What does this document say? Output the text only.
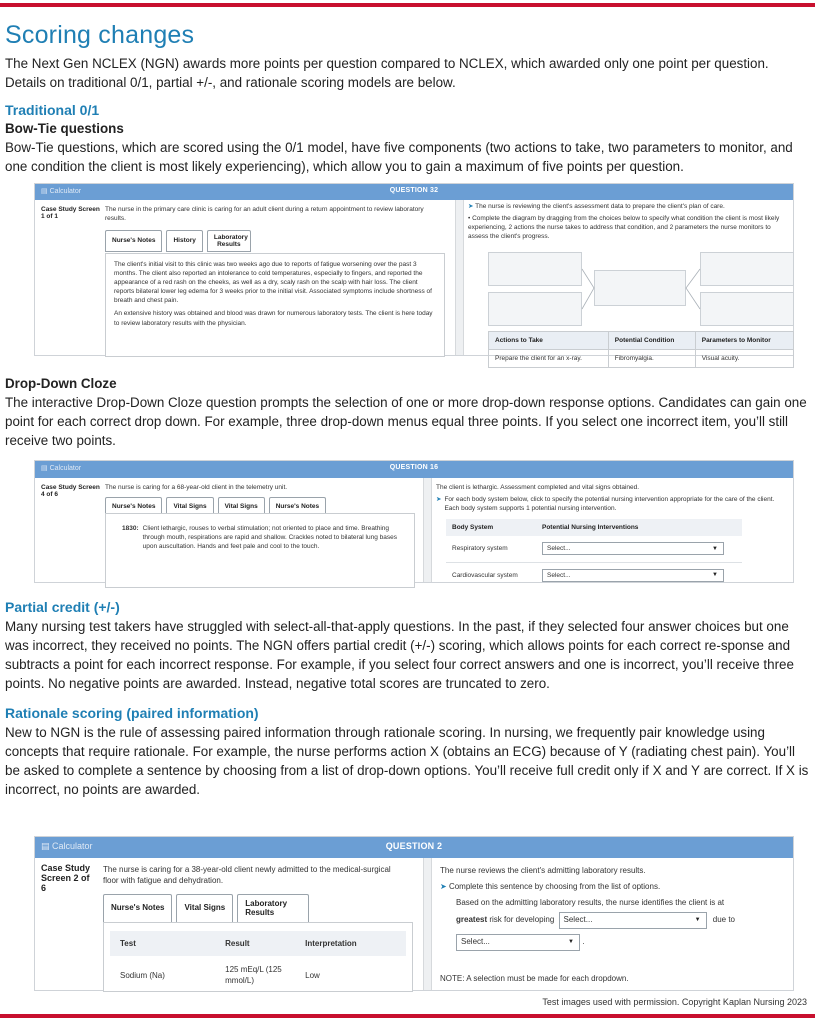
Scoring changes

The Next Gen NCLEX (NGN) awards more points per question compared to NCLEX, which awarded only one point per question. Details on traditional 0/1, partial +/-, and rationale scoring models are below.

Traditional 0/1
Bow-Tie questions

Bow-Tie questions, which are scored using the 0/1 model, have five components (two actions to take, two parameters to monitor, and one condition the client is most likely experiencing), which allow you to gain a maximum of five points per question.

▤ Calculator	QUESTION 32
Case Study Screen 1 of 1
The nurse in the primary care clinic is caring for an adult client during a return appointment to review laboratory results.
Nurse's Notes	History	Laboratory Results

The client's initial visit to this clinic was two weeks ago due to reports of fatigue worsening over the past 3 months. The client also reported an intolerance to cold temperatures, especially to fingers, and reported the appearance of a red rash on the cheeks, as well as a dry, scaly rash on the scalp with hair loss. The client reports bilateral lower leg edema for 3 weeks prior to the initial visit. Associated symptoms include shortness of breath and chest pain.

An extensive history was obtained and blood was drawn for numerous laboratory tests. The client is here today to review laboratory results with the physician.

➤ The nurse is reviewing the client's assessment data to prepare the client's plan of care.
• Complete the diagram by dragging from the choices below to specify what condition the client is most likely experiencing, 2 actions the nurse takes to address that condition, and 2 parameters the nurse monitors to assess the client's progress.
Actions to Take	Potential Condition	Parameters to Monitor
Prepare the client for an x-ray.	Fibromyalgia.	Visual acuity.
Drop-Down Cloze

The interactive Drop-Down Cloze question prompts the selection of one or more drop-down response options. Candidates can gain one point for each correct drop down. For example, three drop-down menus equal three points. If you select one incorrect item, you’ll still receive two points.

▤ Calculator	QUESTION 16
Case Study Screen 4 of 6
The nurse is caring for a 68-year-old client in the telemetry unit.
Nurse's Notes	Vital Signs	Vital Signs	Nurse's Notes
1830: Client lethargic, rouses to verbal stimulation; not oriented to place and time. Breathing through mouth, respirations are rapid and shallow. Crackles noted to bilateral lung bases upon auscultation. Hands and feet pale and cool to the touch.
The client is lethargic. Assessment completed and vital signs obtained.
➤ For each body system below, click to specify the potential nursing intervention appropriate for the care of the client. Each body system supports 1 potential nursing intervention.
Body System	Potential Nursing Interventions
Respiratory system	Select... ▼

Cardiovascular system	Select... ▼
Partial credit (+/-)

Many nursing test takers have struggled with select-all-that-apply questions. In the past, if they selected four answer choices but one was incorrect, they received no points. The NGN offers partial credit (+/-) scoring, which allows points for each correct re-sponse and subtracts a point for each incorrect response. For example, if you select four correct answers and one is incorrect, you’ll receive three points. No negative points are awarded. Instead, negative total scores are truncated to zero.

Rationale scoring (paired information)

New to NGN is the rule of assessing paired information through rationale scoring. In nursing, we frequently pair knowledge using concepts that require rationale. For example, the nurse performs action X (obtains an ECG) because of Y (radiating chest pain). You’ll be asked to complete a sentence by choosing from a list of drop-down options. You’ll receive full credit only if X and Y are correct. If X is incorrect, no points are awarded.

▤ Calculator	QUESTION 2
Case Study Screen 2 of 6
The nurse is caring for a 38-year-old client newly admitted to the medical-surgical floor with fatigue and dehydration.
Nurse's Notes	Vital Signs	Laboratory Results
Test	Result	Interpretation
Sodium (Na)	125 mEq/L (125 mmol/L)	Low
The nurse reviews the client's admitting laboratory results.
➤ Complete this sentence by choosing from the list of options.
Based on the admitting laboratory results, the nurse identifies the client is at
greatest risk for developing Select...	▼ due to
Select...	▼ .
NOTE: A selection must be made for each dropdown.
Test images used with permission. Copyright Kaplan Nursing 2023
